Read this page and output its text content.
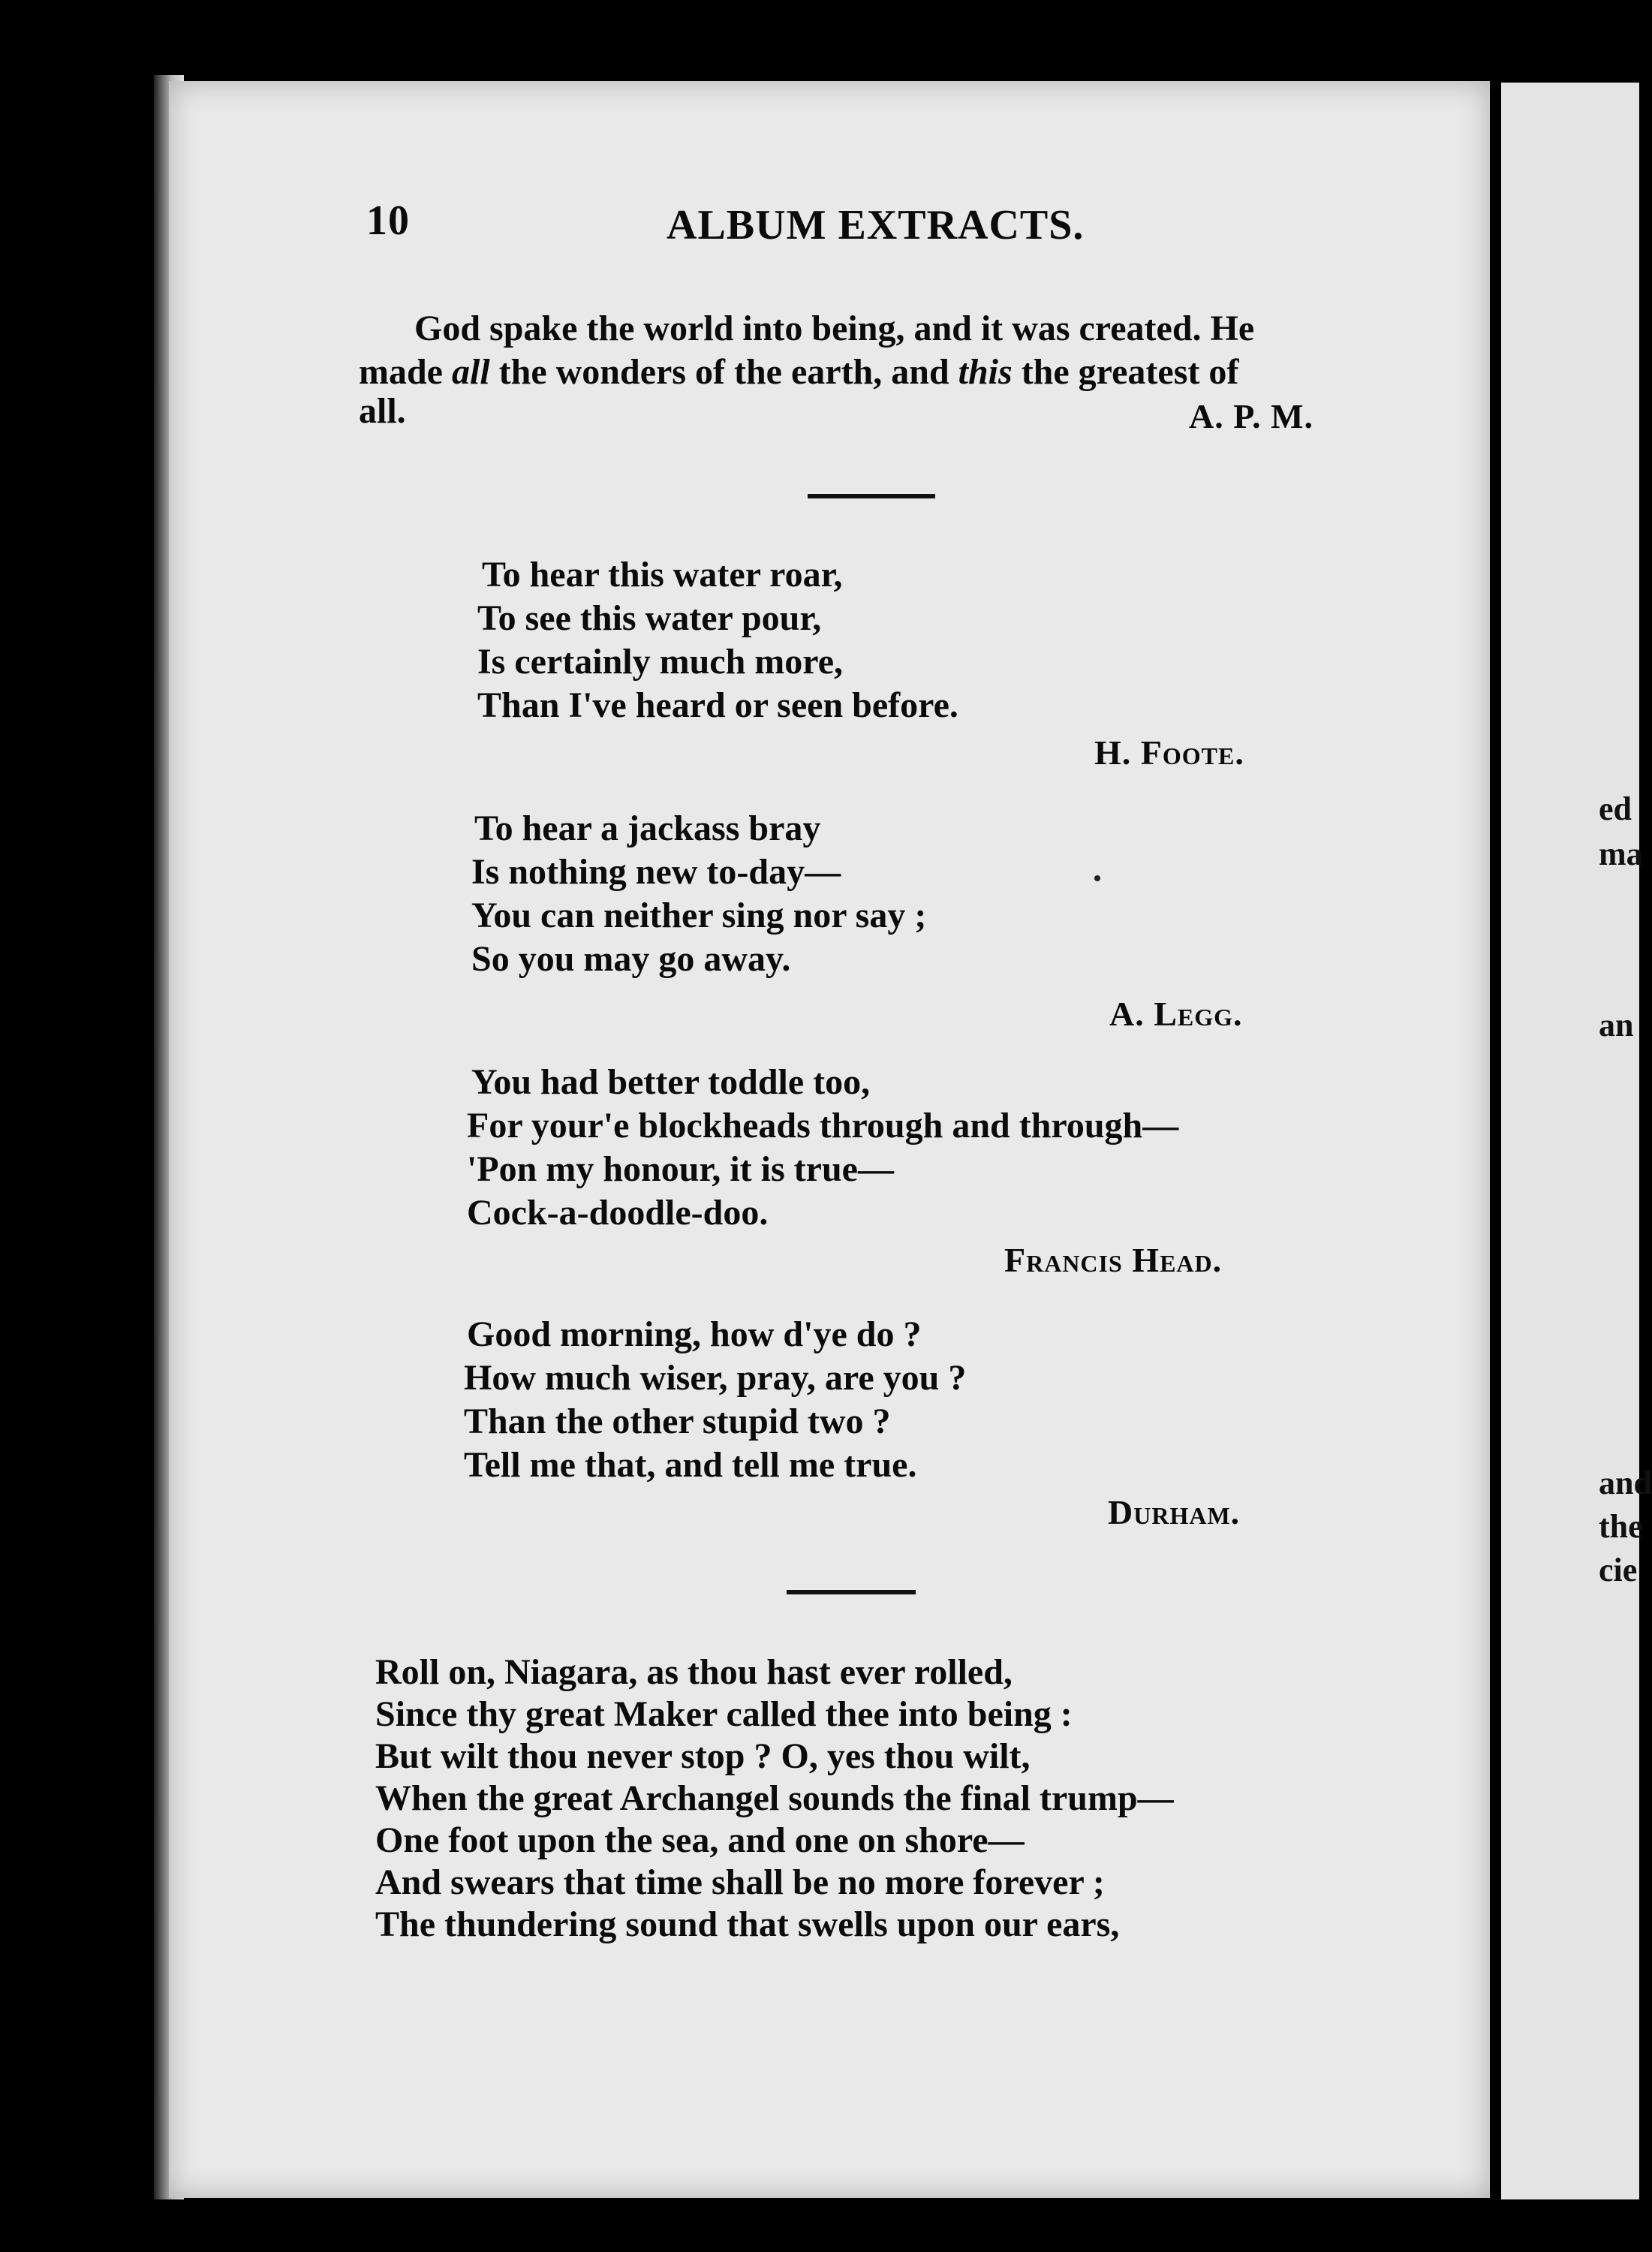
10	ALBUM EXTRACTS.
God spake the world into being, and it was created. He
made all the wonders of the earth, and this the greatest of
all.	A. P. M.
To hear this water roar,
To see this water pour,
Is certainly much more,
Than I've heard or seen before.
H. Foote.
To hear a jackass bray
Is nothing new to-day—
You can neither sing nor say ;
So you may go away.
A. Legg.
You had better toddle too,
For your'e blockheads through and through—
'Pon my honour, it is true—
Cock-a-doodle-doo.
Francis Head.
Good morning, how d'ye do ?
How much wiser, pray, are you ?
Than the other stupid two ?
Tell me that, and tell me true.
Durham.
Roll on, Niagara, as thou hast ever rolled,
Since thy great Maker called thee into being :
But wilt thou never stop ? O, yes thou wilt,
When the great Archangel sounds the final trump—
One foot upon the sea, and one on shore—
And swears that time shall be no more forever ;
The thundering sound that swells upon our ears,
ed
ma
an
and
the
cie
